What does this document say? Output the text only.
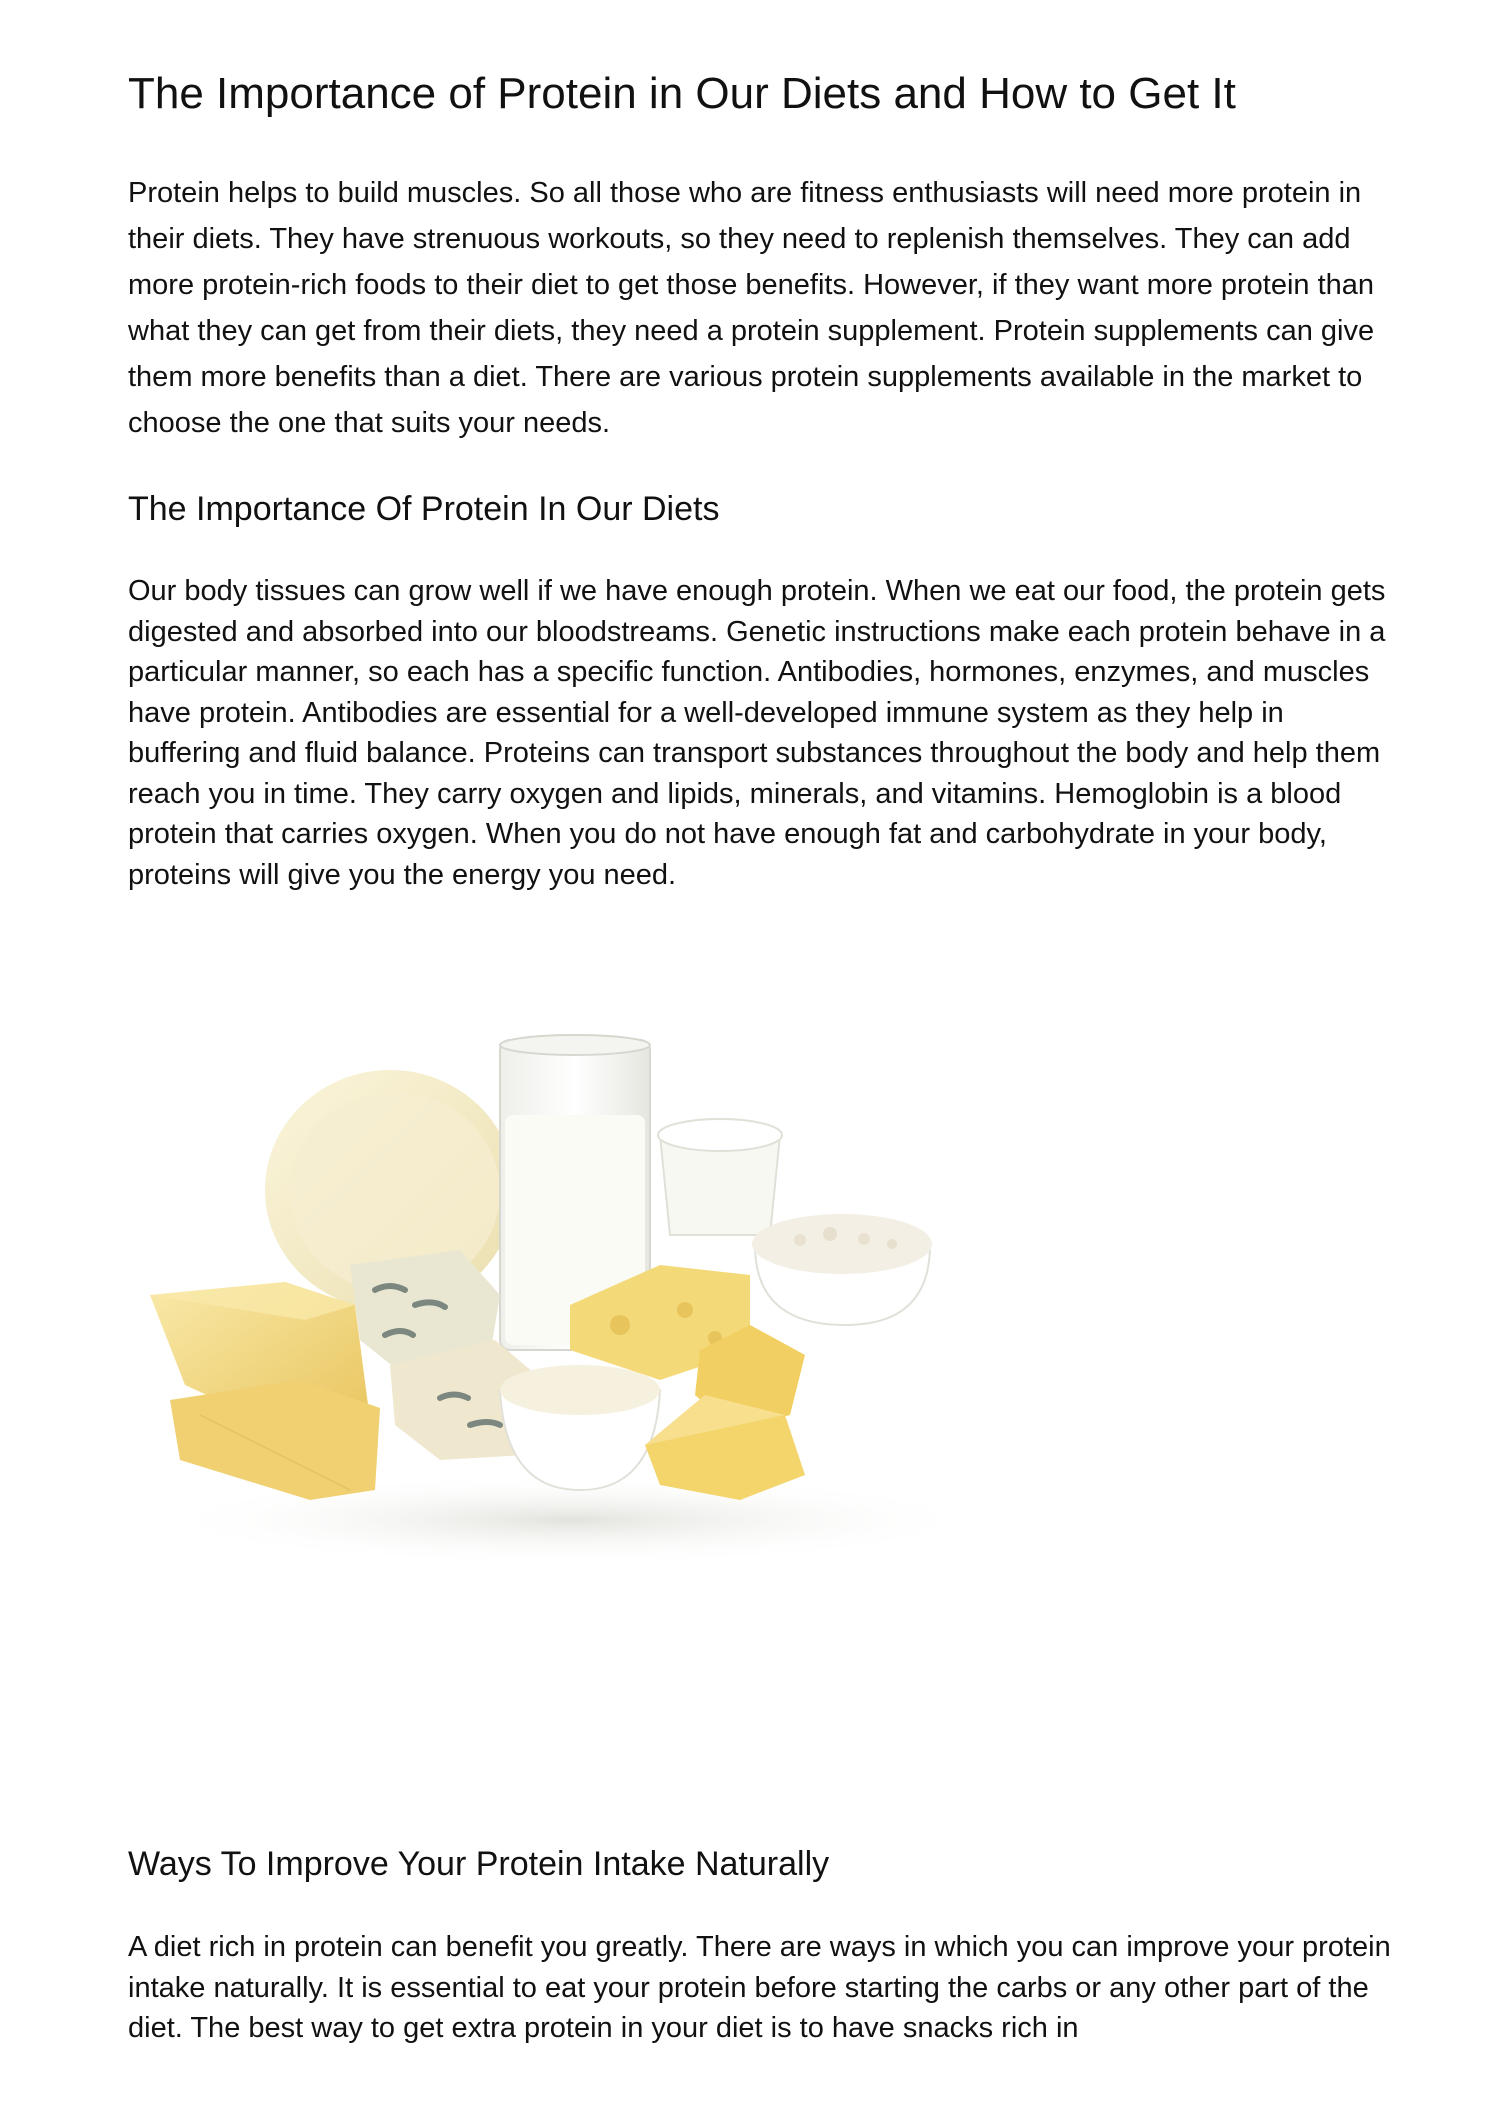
The Importance of Protein in Our Diets and How to Get It

Protein helps to build muscles. So all those who are fitness enthusiasts will need more protein in their diets. They have strenuous workouts, so they need to replenish themselves. They can add more protein-rich foods to their diet to get those benefits. However, if they want more protein than what they can get from their diets, they need a protein supplement. Protein supplements can give them more benefits than a diet. There are various protein supplements available in the market to choose the one that suits your needs.

The Importance Of Protein In Our Diets

Our body tissues can grow well if we have enough protein. When we eat our food, the protein gets digested and absorbed into our bloodstreams. Genetic instructions make each protein behave in a particular manner, so each has a specific function. Antibodies, hormones, enzymes, and muscles have protein. Antibodies are essential for a well-developed immune system as they help in buffering and fluid balance. Proteins can transport substances throughout the body and help them reach you in time. They carry oxygen and lipids, minerals, and vitamins. Hemoglobin is a blood protein that carries oxygen. When you do not have enough fat and carbohydrate in your body, proteins will give you the energy you need.

Ways To Improve Your Protein Intake Naturally

A diet rich in protein can benefit you greatly. There are ways in which you can improve your protein intake naturally. It is essential to eat your protein before starting the carbs or any other part of the diet. The best way to get extra protein in your diet is to have snacks rich in
